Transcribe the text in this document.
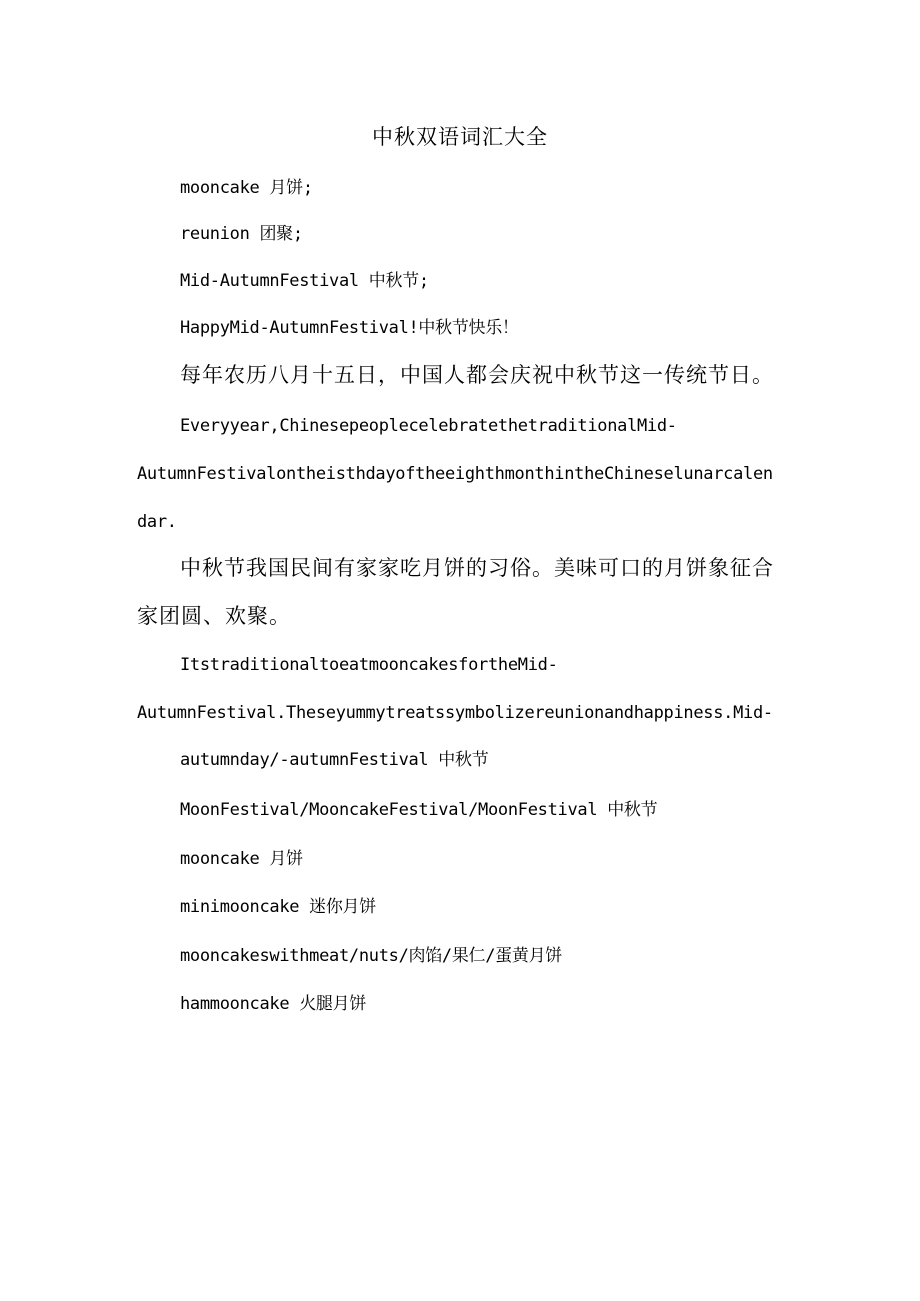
中秋双语词汇大全
mooncake 月饼;
reunion 团聚;
Mid-AutumnFestival 中秋节;
HappyMid-AutumnFestival!中秋节快乐！
每年农历八月十五日，中国人都会庆祝中秋节这一传统节日。
Everyyear,ChinesepeoplecelebratethetraditionalMid-
AutumnFestivalontheisthdayoftheeighthmonthintheChineselunarcalen
dar.
中秋节我国民间有家家吃月饼的习俗。美味可口的月饼象征合家团圆、欢聚。
ItstraditionaltoeatmooncakesfortheMid-
AutumnFestival.Theseyummytreatssymbolizereunionandhappiness.Mid-
autumnday/-autumnFestival 中秋节
MoonFestival/MooncakeFestival/MoonFestival 中秋节
mooncake 月饼
minimooncake 迷你月饼
mooncakeswithmeat/nuts/肉馅/果仁/蛋黄月饼
hammooncake 火腿月饼
